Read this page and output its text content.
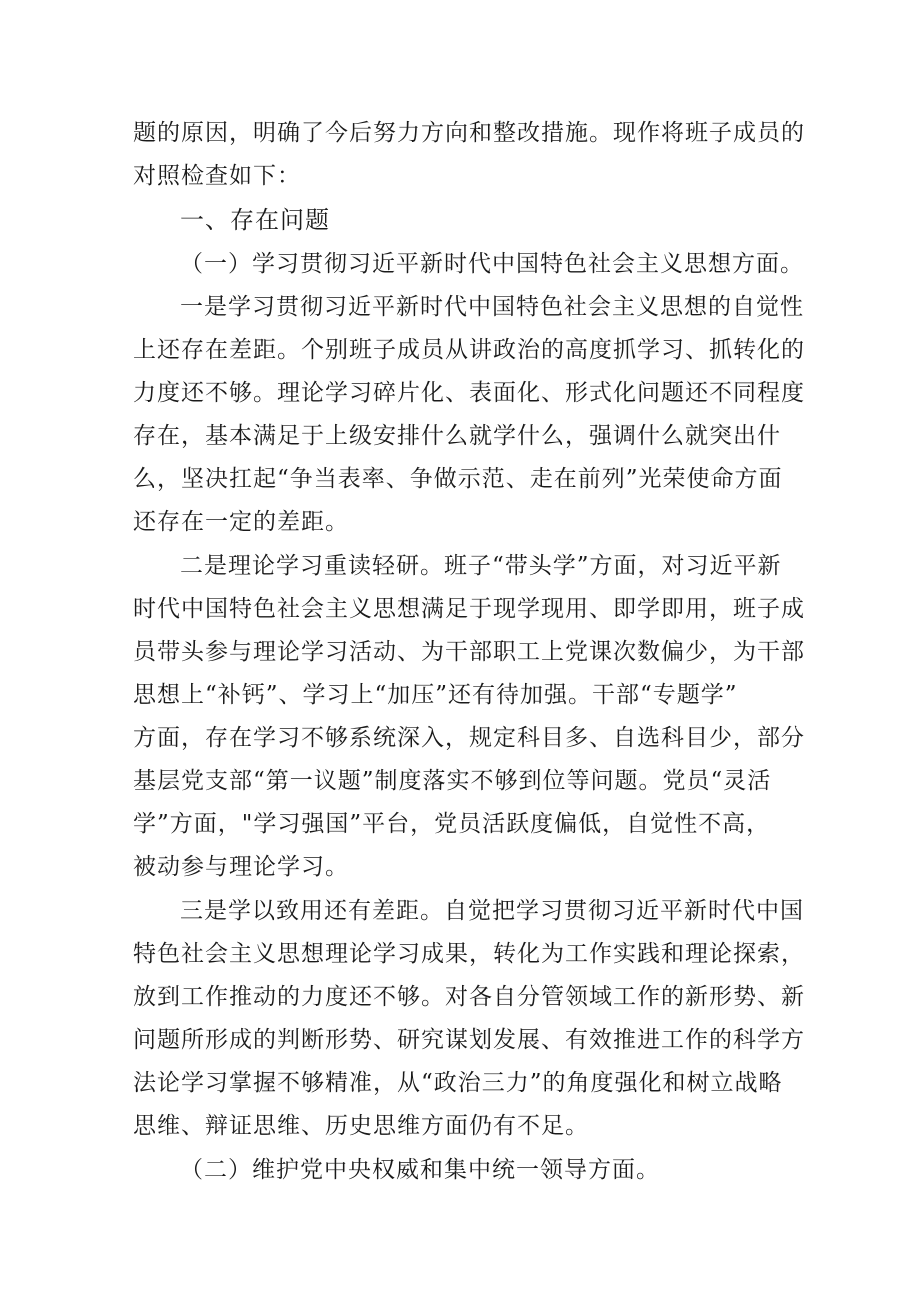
题的原因，明确了今后努力方向和整改措施。现作将班子成员的
对照检查如下：
一、存在问题
（一）学习贯彻习近平新时代中国特色社会主义思想方面。
一是学习贯彻习近平新时代中国特色社会主义思想的自觉性
上还存在差距。个别班子成员从讲政治的高度抓学习、抓转化的
力度还不够。理论学习碎片化、表面化、形式化问题还不同程度
存在，基本满足于上级安排什么就学什么，强调什么就突出什
么，坚决扛起“争当表率、争做示范、走在前列”光荣使命方面
还存在一定的差距。
二是理论学习重读轻研。班子“带头学”方面，对习近平新
时代中国特色社会主义思想满足于现学现用、即学即用，班子成
员带头参与理论学习活动、为干部职工上党课次数偏少，为干部
思想上“补钙”、学习上“加压”还有待加强。干部“专题学”
方面，存在学习不够系统深入，规定科目多、自选科目少，部分
基层党支部“第一议题”制度落实不够到位等问题。党员“灵活
学”方面，"学习强国”平台，党员活跃度偏低，自觉性不高，
被动参与理论学习。
三是学以致用还有差距。自觉把学习贯彻习近平新时代中国
特色社会主义思想理论学习成果，转化为工作实践和理论探索，
放到工作推动的力度还不够。对各自分管领域工作的新形势、新
问题所形成的判断形势、研究谋划发展、有效推进工作的科学方
法论学习掌握不够精准，从“政治三力”的角度强化和树立战略
思维、辩证思维、历史思维方面仍有不足。
（二）维护党中央权威和集中统一领导方面。
